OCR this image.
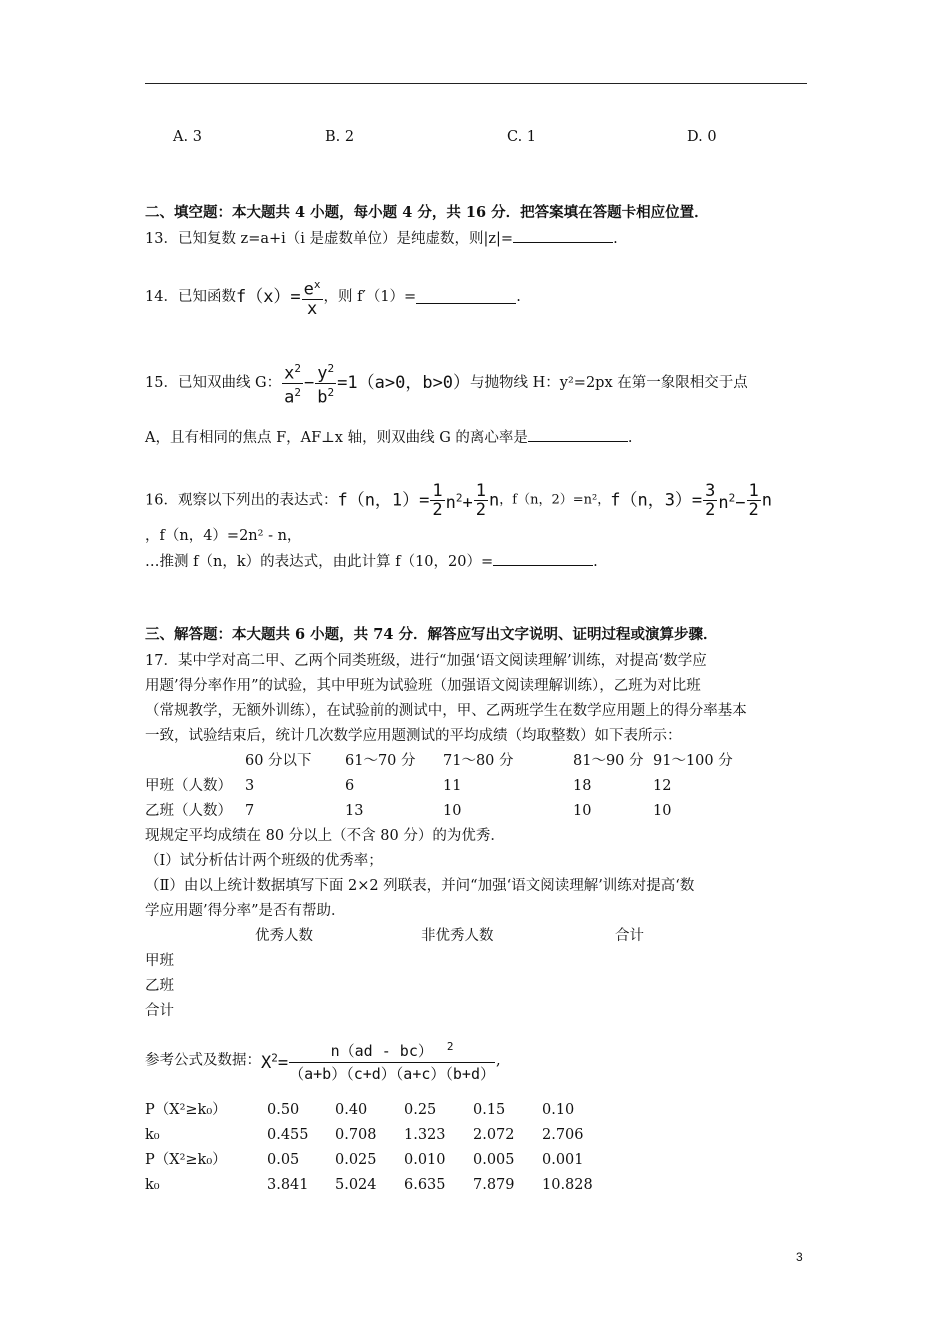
A. 3	B. 2	C. 1	D. 0
二、填空题：本大题共 4 小题，每小题 4 分，共 16 分．把答案填在答题卡相应位置．
13．已知复数 z=a+i（i 是虚数单位）是纯虚数，则|z|=	.
14．已知函数$f(x)= \frac{e^x}{x}$ ，则 f′（1）=	.
15．已知双曲线 G： $\frac{x^2}{a^2} - \frac{y^2}{b^2} =1(a>0$，b>0）与抛物线 H：y²=2px 在第一象限相交于点
A，且有相同的焦点 F，AF⊥x 轴，则双曲线 G 的离心率是	.
16．观察以下列出的表达式：f（n，$1)= \frac{1}{2} n^2+ \frac{1}{2}$ n，f（n，2）=n²，f（n，$3)= \frac{3}{2} n^2- \frac{1}{2}$ n
，f（n，4）=2n² - n，
…推测 f（n，k）的表达式，由此计算 f（10，20）=	.
三、解答题：本大题共 6 小题，共 74 分．解答应写出文字说明、证明过程或演算步骤．
17．某中学对高二甲、乙两个同类班级，进行“加强‘语文阅读理解’训练，对提高‘数学应
用题’得分率作用”的试验，其中甲班为试验班（加强语文阅读理解训练），乙班为对比班
（常规教学，无额外训练），在试验前的测试中，甲、乙两班学生在数学应用题上的得分率基本
一致，试验结束后，统计几次数学应用题测试的平均成绩（均取整数）如下表所示：
60 分以下 61～70 分 71～80 分	81～90 分 91～100 分
甲班（人数） 3	6	11	18	12
乙班（人数） 7	13	10	10	10
现规定平均成绩在 80 分以上（不含 80 分）的为优秀．
（Ⅰ）试分析估计两个班级的优秀率；
（Ⅱ）由以上统计数据填写下面 2×2 列联表，并问“加强‘语文阅读理解’训练对提高‘数
学应用题’得分率”是否有帮助．
优秀人数	非优秀人数	合计
甲班
乙班
合计
参考公式及数据：$X^2= \frac{n(ad - bc) ^2}{(a+b)(c+d)(a+c)(b+d)}$ ,
P（X²≥k₀）	0.50 0.40	0.25	0.15	0.10
k₀	0.455 0.708 1.323 2.072 2.706
P（X²≥k₀）	0.05 0.025 0.010 0.005 0.001
k₀	3.841 5.024 6.635 7.879 10.828
3
